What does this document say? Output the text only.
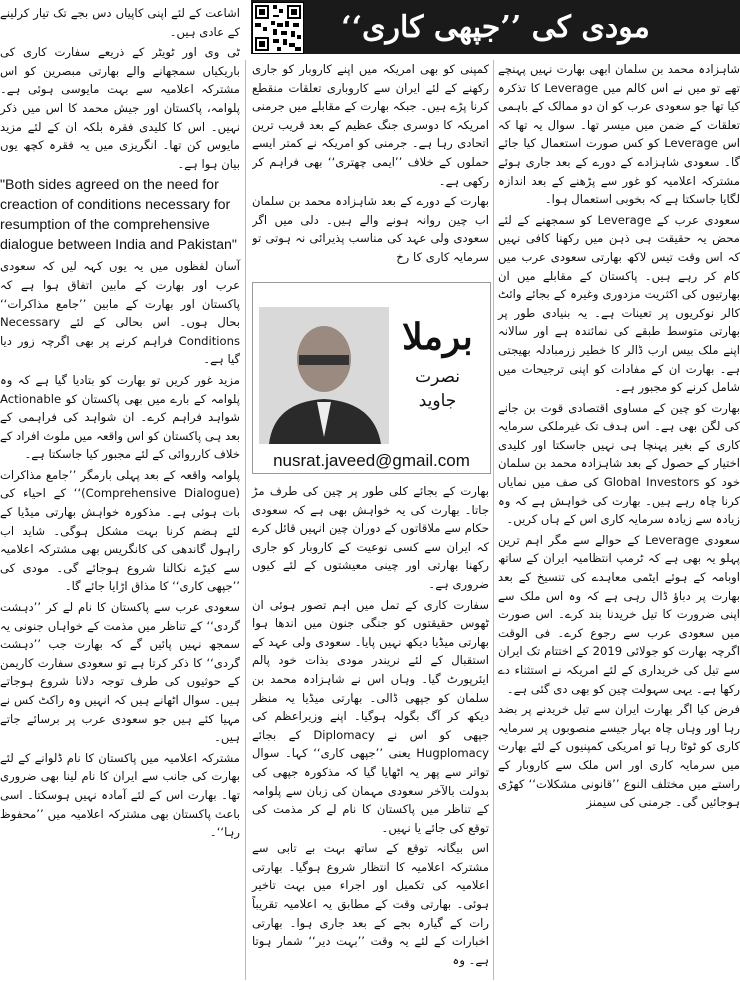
مودی کی ’’جپھی کاری‘‘

شاہزادہ محمد بن سلمان ابھی بھارت نہیں پہنچے تھے تو میں نے اس کالم میں Leverage کا تذکرہ کیا تھا جو سعودی عرب کو ان دو ممالک کے باہمی تعلقات کے ضمن میں میسر تھا۔ سوال یہ تھا کہ اس Leverage کو کس صورت استعمال کیا جائے گا۔ سعودی شاہزادے کے دورے کے بعد جاری ہوئے مشترکہ اعلامیہ کو غور سے پڑھنے کے بعد اندازہ لگایا جاسکتا ہے کہ بخوبی استعمال ہوا۔

سعودی عرب کے Leverage کو سمجھنے کے لئے محض یہ حقیقت ہی ذہن میں رکھنا کافی نہیں کہ اس وقت تیس لاکھ بھارتی سعودی عرب میں کام کر رہے ہیں۔ پاکستان کے مقابلے میں ان بھارتیوں کی اکثریت مزدوری وغیرہ کے بجائے وائٹ کالر نوکریوں پر تعینات ہے۔ یہ بنیادی طور پر بھارتی متوسط طبقے کی نمائندہ ہے اور سالانہ اپنے ملک بیس ارب ڈالر کا خطیر زرمبادلہ بھیجتی ہے۔ بھارت ان کے مفادات کو اپنی ترجیحات میں شامل کرنے کو مجبور ہے۔

بھارت کو چین کے مساوی اقتصادی قوت بن جانے کی لگن بھی ہے۔ اس ہدف تک غیرملکی سرمایہ کاری کے بغیر پہنچا ہی نہیں جاسکتا اور کلیدی اختیار کے حصول کے بعد شاہزادہ محمد بن سلمان خود کو Global Investors کی صف میں نمایاں کرنا چاہ رہے ہیں۔ بھارت کی خواہش ہے کہ وہ زیادہ سے زیادہ سرمایہ کاری اس کے ہاں کریں۔

سعودی Leverage کے حوالے سے مگر اہم ترین پہلو یہ بھی ہے کہ ٹرمپ انتظامیہ ایران کے ساتھ اوبامہ کے ہوئے ایٹمی معاہدے کی تنسیخ کے بعد بھارت پر دباؤ ڈال رہی ہے کہ وہ اس ملک سے اپنی ضرورت کا تیل خریدنا بند کرے۔ اس صورت میں سعودی عرب سے رجوع کرے۔ فی الوقت اگرچہ بھارت کو جولائی 2019 کے اختتام تک ایران سے تیل کی خریداری کے لئے امریکہ نے استثناء دے رکھا ہے۔ یہی سہولت چین کو بھی دی گئی ہے۔

فرض کیا اگر بھارت ایران سے تیل خریدنے پر بضد رہا اور وہاں چاہ بہار جیسے منصوبوں پر سرمایہ کاری کو ٹوٹا رہا تو امریکی کمپنیوں کے لئے بھارت میں سرمایہ کاری اور اس ملک سے کاروبار کے راستے میں مختلف النوع ’’قانونی مشکلات‘‘ کھڑی ہوجائیں گی۔ جرمنی کی سیمنز

کمپنی کو بھی امریکہ میں اپنے کاروبار کو جاری رکھنے کے لئے ایران سے کاروباری تعلقات منقطع کرنا پڑے ہیں۔ جبکہ بھارت کے مقابلے میں جرمنی امریکہ کا دوسری جنگ عظیم کے بعد قریب ترین اتحادی رہا ہے۔ جرمنی کو امریکہ نے کمتر ایسے حملوں کے خلاف ’’ایمی چھتری‘‘ بھی فراہم کر رکھی ہے۔

بھارت کے دورے کے بعد شاہزادہ محمد بن سلمان اب چین روانہ ہونے والے ہیں۔ دلی میں اگر سعودی ولی عہد کی مناسب پذیرائی نہ ہوتی تو سرمایہ کاری کا رخ

برملا
نصرت جاوید
nusrat.javeed@gmail.com

بھارت کے بجائے کلی طور پر چین کی طرف مڑ جاتا۔ بھارت کی یہ خواہش بھی ہے کہ سعودی حکام سے ملاقاتوں کے دوران چین انہیں قائل کرے کہ ایران سے کسی نوعیت کے کاروبار کو جاری رکھنا بھارتی اور چینی معیشتوں کے لئے کیوں ضروری ہے۔

سفارت کاری کے تمل میں اہم تصور ہوئی ان ٹھوس حقیقتوں کو جنگی جنون میں اندھا ہوا بھارتی میڈیا دیکھ نہیں پایا۔ سعودی ولی عہد کے استقبال کے لئے نریندر مودی بذات خود پالم ایئرپورٹ گیا۔ وہاں اس نے شاہزادہ محمد بن سلمان کو جپھی ڈالی۔ بھارتی میڈیا یہ منظر دیکھ کر آگ بگولہ ہوگیا۔ اپنے وزیراعظم کی جپھی کو اس نے Diplomacy کے بجائے Hugplomacy یعنی ’’جپھی کاری‘‘ کہا۔ سوال تواتر سے پھر یہ اٹھایا گیا کہ مذکورہ جپھی کی بدولت بالآخر سعودی مہمان کی زبان سے پلوامہ کے تناظر میں پاکستان کا نام لے کر مذمت کی توقع کی جائے یا نہیں۔

اس بیگانہ توقع کے ساتھ بہت بے تابی سے مشترکہ اعلامیہ کا انتظار شروع ہوگیا۔ بھارتی اعلامیہ کی تکمیل اور اجراء میں بہت تاخیر ہوئی۔ بھارتی وقت کے مطابق یہ اعلامیہ تقریباً رات کے گیارہ بجے کے بعد جاری ہوا۔ بھارتی اخبارات کے لئے یہ وقت ’’بہت دیر‘‘ شمار ہوتا ہے۔ وہ

اشاعت کے لئے اپنی کاپیاں دس بجے تک تیار کرلینے کے عادی ہیں۔

ٹی وی اور ٹویٹر کے ذریعے سفارت کاری کی باریکیاں سمجھانے والے بھارتی مبصرین کو اس مشترکہ اعلامیہ سے بہت مایوسی ہوئی ہے۔ پلوامہ، پاکستان اور جیش محمد کا اس میں ذکر نہیں۔ اس کا کلیدی فقرہ بلکہ ان کے لئے مزید مایوس کن تھا۔ انگریزی میں یہ فقرہ کچھ یوں بیان ہوا ہے۔

"Both sides agreed on the need for creaction of conditions necessary for resumption of the comprehensive dialogue between India and Pakistan"

آسان لفظوں میں یہ یوں کہہ لیں کہ سعودی عرب اور بھارت کے مابین اتفاق ہوا ہے کہ پاکستان اور بھارت کے مابین ’’جامع مذاکرات‘‘ بحال ہوں۔ اس بحالی کے لئے Necessary Conditions فراہم کرنے پر بھی اگرچہ زور دیا گیا ہے۔

مزید غور کریں تو بھارت کو بتادیا گیا ہے کہ وہ پلوامہ کے بارے میں بھی پاکستان کو Actionable شواہد فراہم کرے۔ ان شواہد کی فراہمی کے بعد ہی پاکستان کو اس واقعہ میں ملوث افراد کے خلاف کارروائی کے لئے مجبور کیا جاسکتا ہے۔

پلوامہ واقعہ کے بعد پہلی بارمگر ’’جامع مذاکرات (Comprehensive Dialogue)‘‘ کے احیاء کی بات ہوئی ہے۔ مذکورہ خواہش بھارتی میڈیا کے لئے ہضم کرنا بہت مشکل ہوگی۔ شاید اب راہول گاندھی کی کانگریس بھی مشترکہ اعلامیہ سے کیڑے نکالنا شروع ہوجائے گی۔ مودی کی ’’جپھی کاری‘‘ کا مذاق اڑایا جائے گا۔

سعودی عرب سے پاکستان کا نام لے کر ’’دہشت گردی‘‘ کے تناظر میں مذمت کے خواہاں جنونی یہ سمجھ نہیں پائیں گے کہ بھارت جب ’’دہشت گردی‘‘ کا ذکر کرتا ہے تو سعودی سفارت کاریمن کے حوثیوں کی طرف توجہ دلانا شروع ہوجاتے ہیں۔ سوال اٹھانے ہیں کہ انہیں وہ راکٹ کس نے مہیا کئے ہیں جو سعودی عرب پر برسائے جاتے ہیں۔

مشترکہ اعلامیہ میں پاکستان کا نام ڈلوانے کے لئے بھارت کی جانب سے ایران کا نام لینا بھی ضروری تھا۔ بھارت اس کے لئے آمادہ نہیں ہوسکتا۔ اسی باعث پاکستان بھی مشترکہ اعلامیہ میں ’’محفوظ رہا‘‘۔
